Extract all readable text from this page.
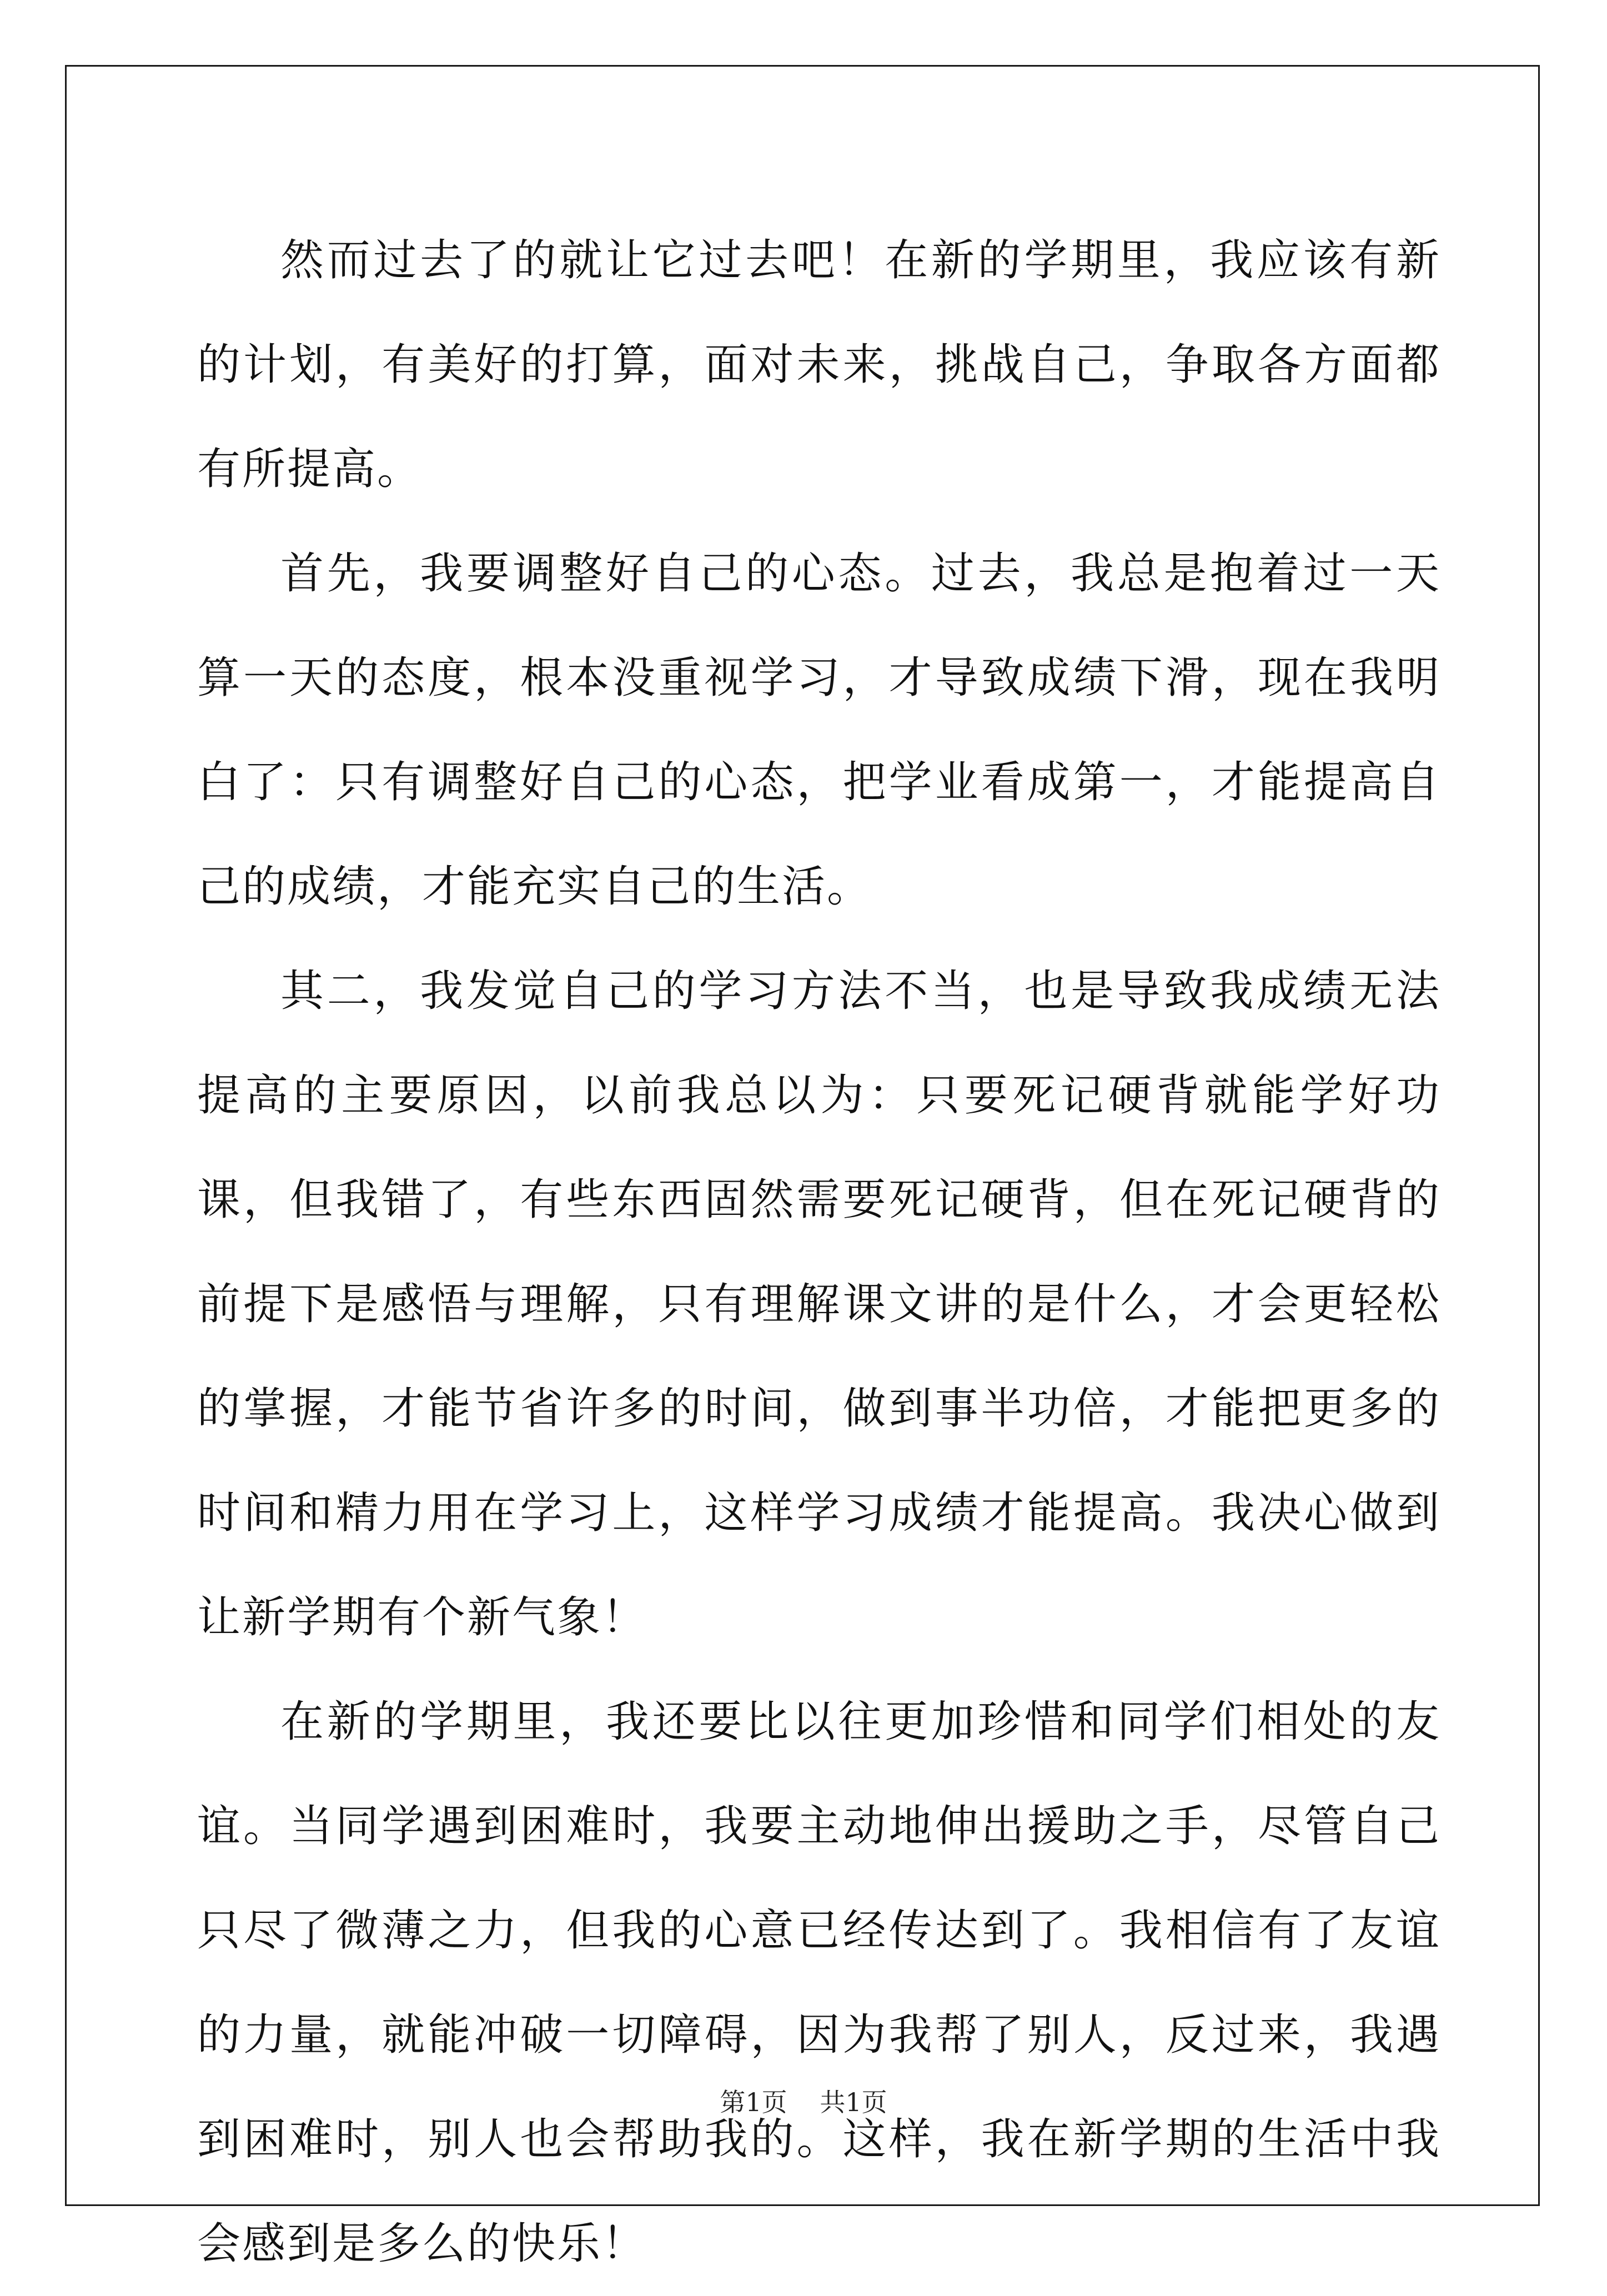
然而过去了的就让它过去吧！在新的学期里，我应该有新的计划，有美好的打算，面对未来，挑战自己，争取各方面都有所提高。

首先，我要调整好自己的心态。过去，我总是抱着过一天算一天的态度，根本没重视学习，才导致成绩下滑，现在我明白了：只有调整好自己的心态，把学业看成第一，才能提高自己的成绩，才能充实自己的生活。

其二，我发觉自己的学习方法不当，也是导致我成绩无法提高的主要原因，以前我总以为：只要死记硬背就能学好功课，但我错了，有些东西固然需要死记硬背，但在死记硬背的前提下是感悟与理解，只有理解课文讲的是什么，才会更轻松的掌握，才能节省许多的时间，做到事半功倍，才能把更多的时间和精力用在学习上，这样学习成绩才能提高。我决心做到让新学期有个新气象！

在新的学期里，我还要比以往更加珍惜和同学们相处的友谊。当同学遇到困难时，我要主动地伸出援助之手，尽管自己只尽了微薄之力，但我的心意已经传达到了。我相信有了友谊的力量，就能冲破一切障碍，因为我帮了别人，反过来，我遇到困难时，别人也会帮助我的。这样，我在新学期的生活中我会感到是多么的快乐！

第1页 共1页
